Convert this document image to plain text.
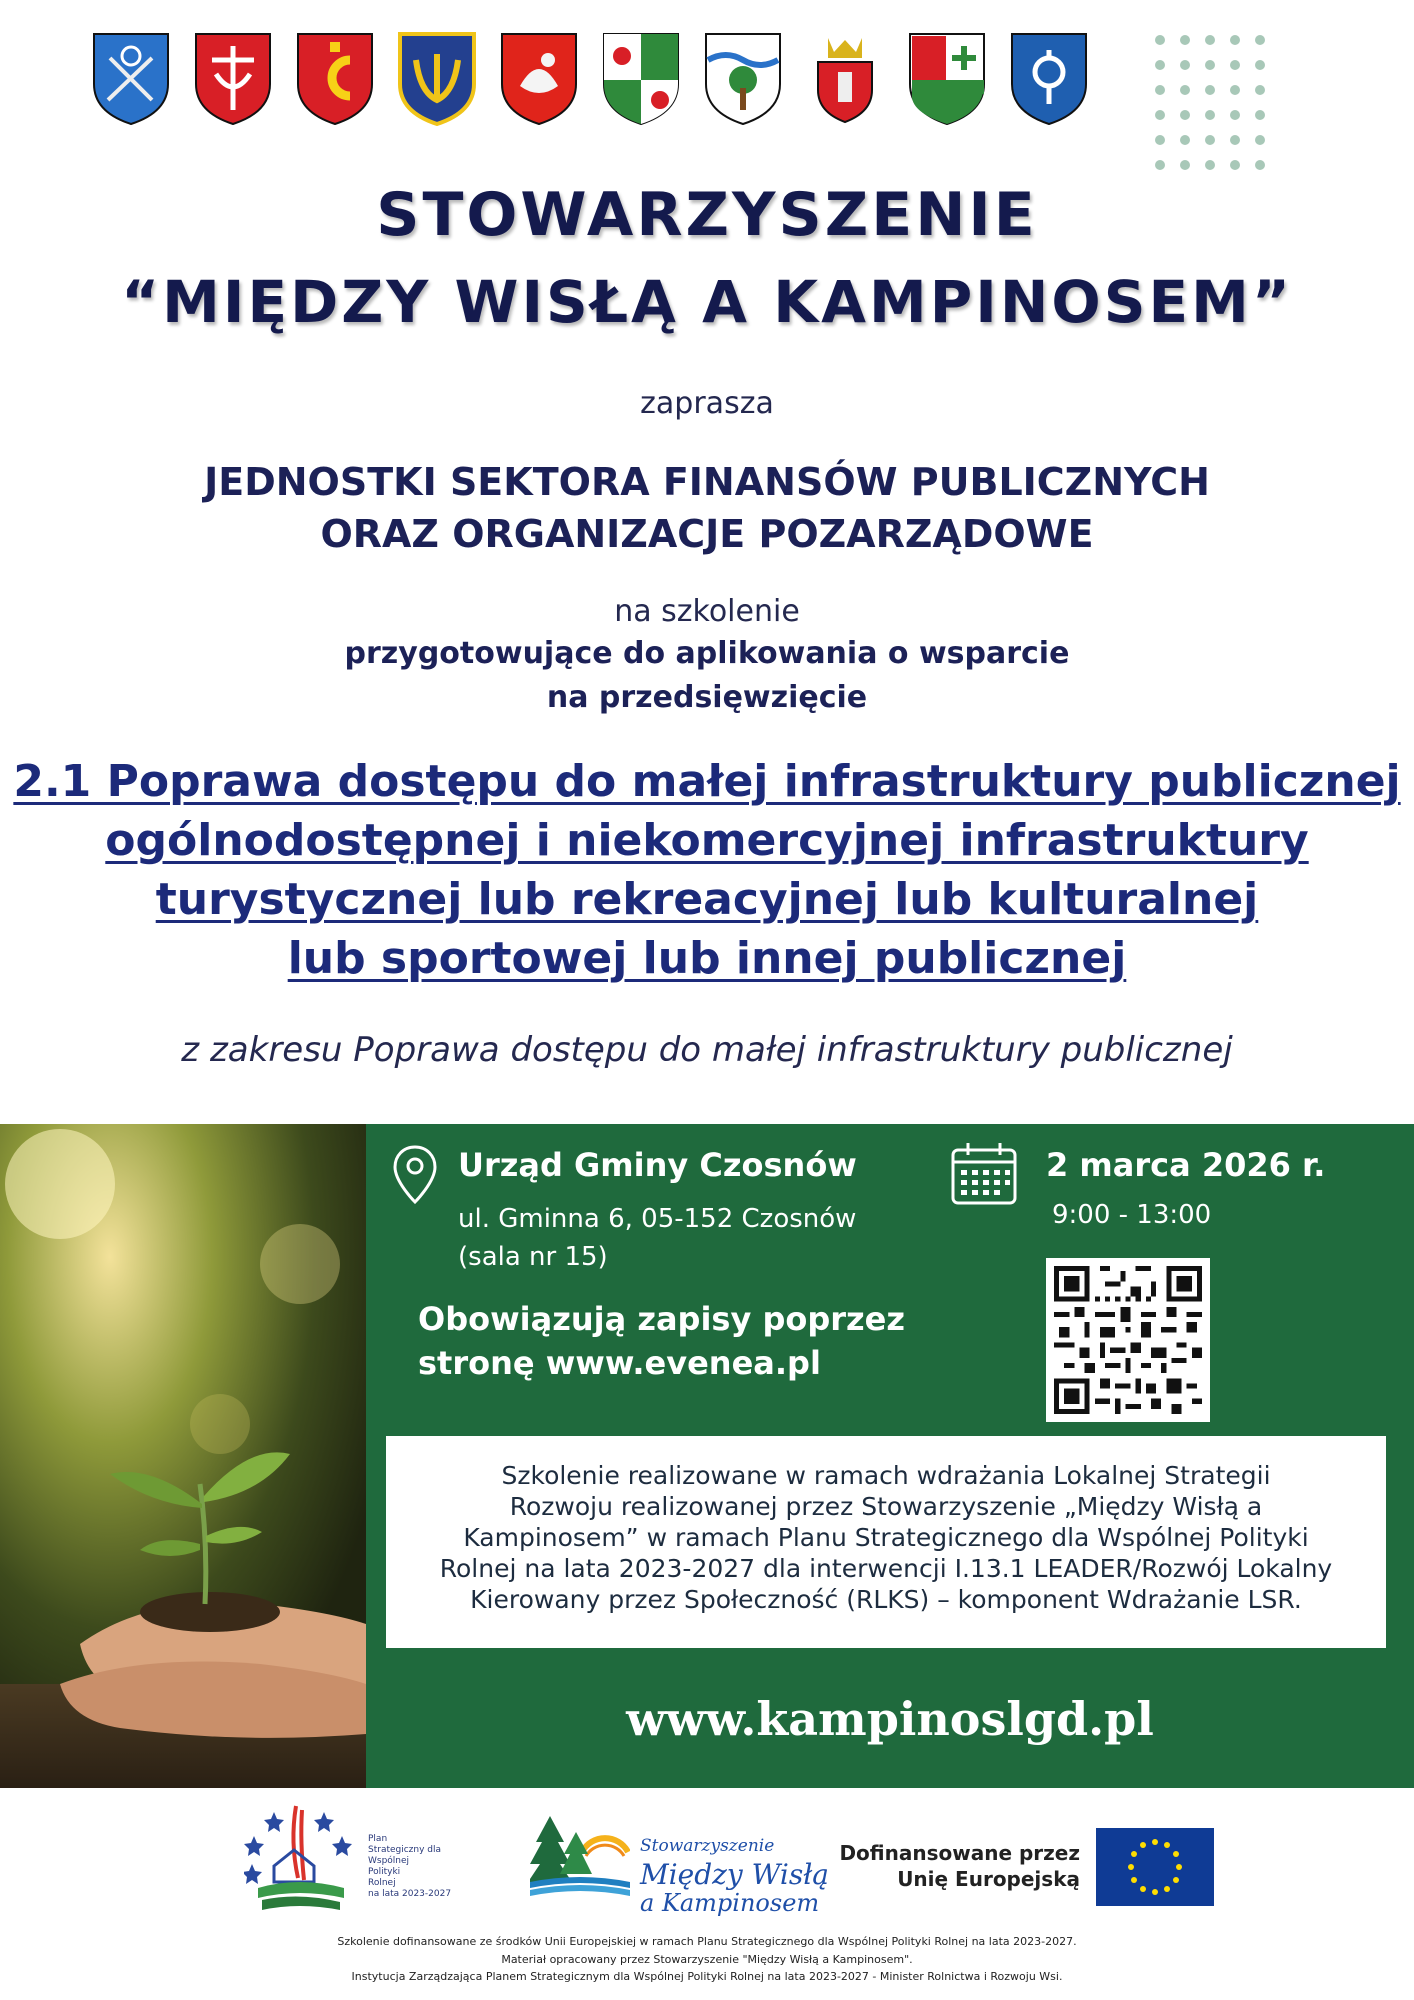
STOWARZYSZENIE
“MIĘDZY WISŁĄ A KAMPINOSEM”
zaprasza
JEDNOSTKI SEKTORA FINANSÓW PUBLICZNYCH
ORAZ ORGANIZACJE POZARZĄDOWE
na szkolenie
przygotowujące do aplikowania o wsparcie
na przedsięwzięcie
2.1 Poprawa dostępu do małej infrastruktury publicznej
ogólnodostępnej i niekomercyjnej infrastruktury
turystycznej lub rekreacyjnej lub kulturalnej
lub sportowej lub innej publicznej
z zakresu Poprawa dostępu do małej infrastruktury publicznej
Urząd Gminy Czosnów
ul. Gminna 6, 05-152 Czosnów
(sala nr 15)
Obowiązują zapisy poprzez
stronę www.evenea.pl
2 marca 2026 r.
9:00 - 13:00
Szkolenie realizowane w ramach wdrażania Lokalnej Strategii
Rozwoju realizowanej przez Stowarzyszenie „Między Wisłą a
Kampinosem” w ramach Planu Strategicznego dla Wspólnej Polityki
Rolnej na lata 2023-2027 dla interwencji I.13.1 LEADER/Rozwój Lokalny
Kierowany przez Społeczność (RLKS) – komponent Wdrażanie LSR.
www.kampinoslgd.pl
Plan
Strategiczny dla
Wspólnej
Polityki
Rolnej
na lata 2023-2027
Stowarzyszenie
Między Wisłą
a Kampinosem
Dofinansowane przez
Unię Europejską
Szkolenie dofinansowane ze środków Unii Europejskiej w ramach Planu Strategicznego dla Wspólnej Polityki Rolnej na lata 2023-2027.
Materiał opracowany przez Stowarzyszenie "Między Wisłą a Kampinosem".
Instytucja Zarządzająca Planem Strategicznym dla Wspólnej Polityki Rolnej na lata 2023-2027 - Minister Rolnictwa i Rozwoju Wsi.
